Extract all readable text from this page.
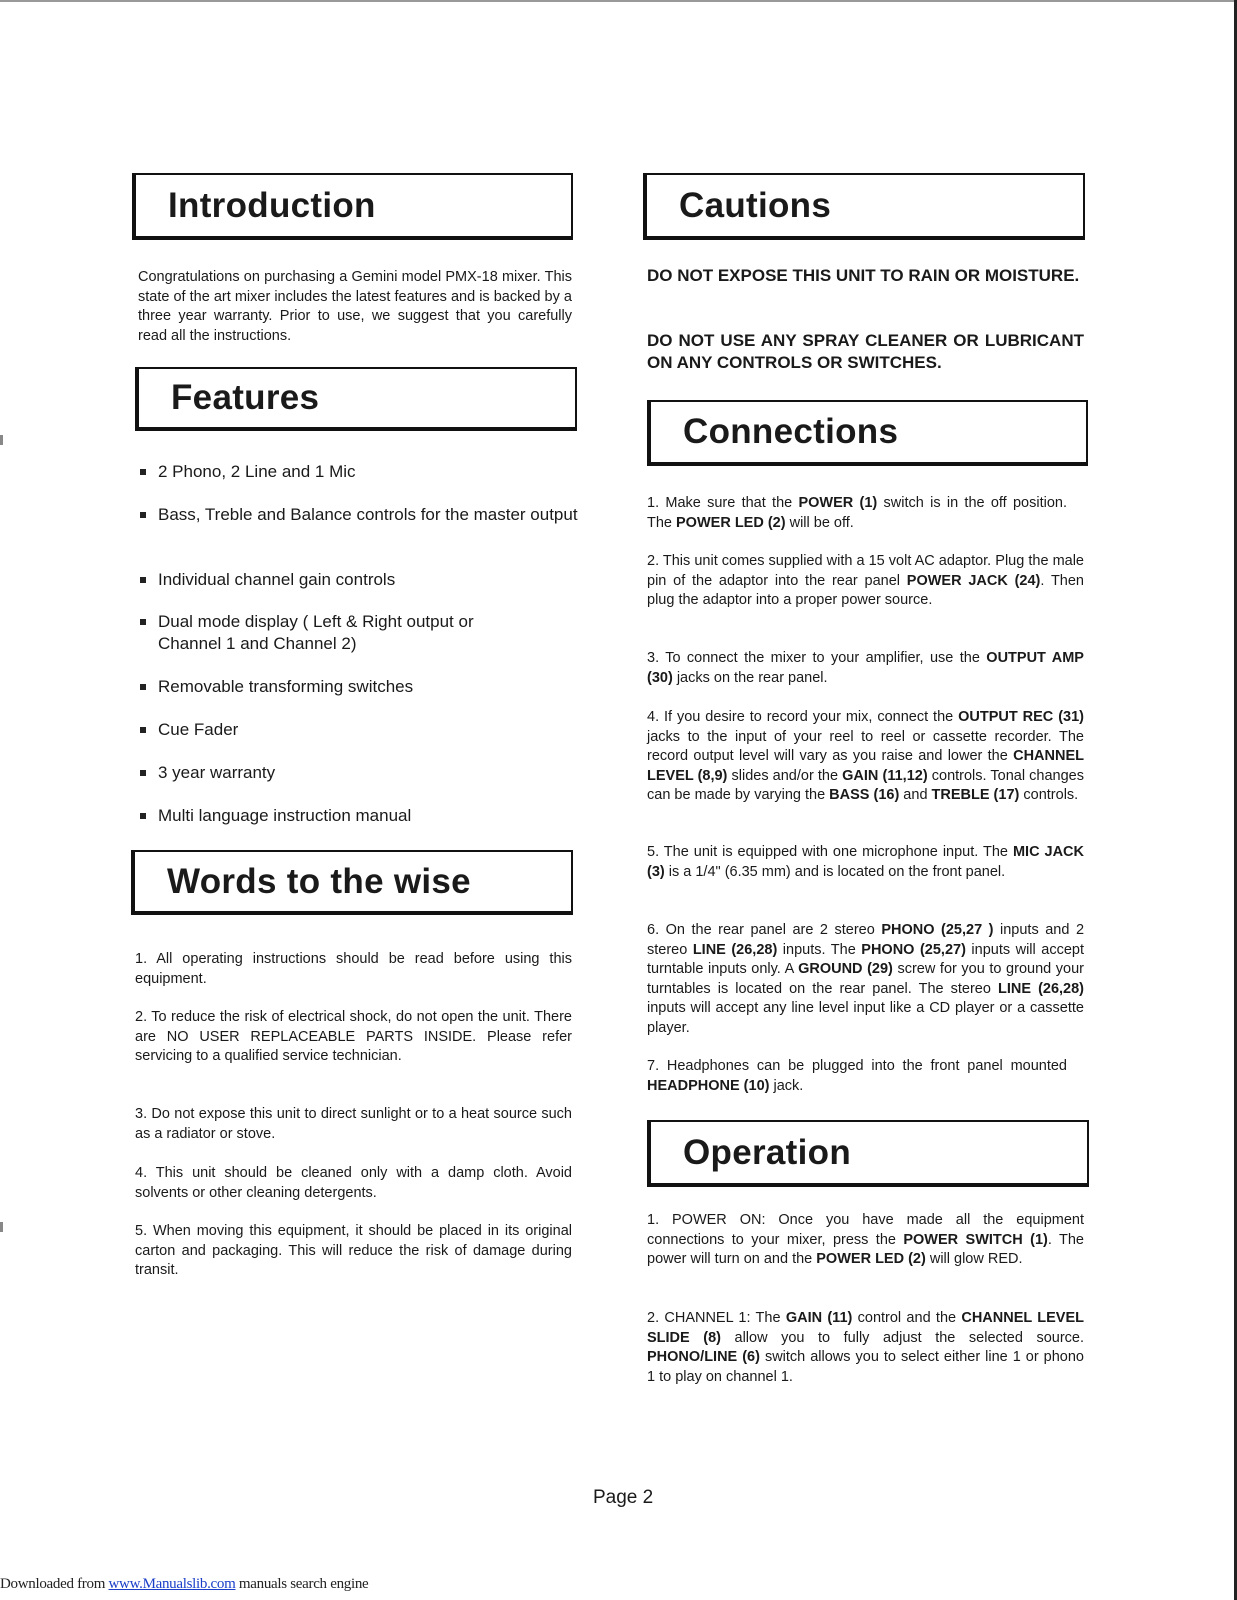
Introduction

Congratulations on purchasing a Gemini model PMX-18 mixer. This state of the art mixer includes the latest features and is backed by a three year warranty. Prior to use, we suggest that you carefully read all the instructions.

Features
2 Phono, 2 Line and 1 Mic
Bass, Treble and Balance controls for the master output
Individual channel gain controls
Dual mode display ( Left & Right output or Channel 1 and Channel 2)
Removable transforming switches
Cue Fader
3 year warranty
Multi language instruction manual
Words to the wise

1. All operating instructions should be read before using this equipment.

2. To reduce the risk of electrical shock, do not open the unit. There are NO USER REPLACEABLE PARTS INSIDE. Please refer servicing to a qualified service technician.

3. Do not expose this unit to direct sunlight or to a heat source such as a radiator or stove.

4. This unit should be cleaned only with a damp cloth. Avoid solvents or other cleaning detergents.

5. When moving this equipment, it should be placed in its original carton and packaging. This will reduce the risk of damage during transit.

Cautions

DO NOT EXPOSE THIS UNIT TO RAIN OR MOISTURE.

DO NOT USE ANY SPRAY CLEANER OR LUBRICANT ON ANY CONTROLS OR SWITCHES.

Connections

1. Make sure that the POWER (1) switch is in the off position. The POWER LED (2) will be off.

2. This unit comes supplied with a 15 volt AC adaptor. Plug the male pin of the adaptor into the rear panel POWER JACK (24). Then plug the adaptor into a proper power source.

3. To connect the mixer to your amplifier, use the OUTPUT AMP (30) jacks on the rear panel.

4. If you desire to record your mix, connect the OUTPUT REC (31) jacks to the input of your reel to reel or cassette recorder. The record output level will vary as you raise and lower the CHANNEL LEVEL (8,9) slides and/or the GAIN (11,12) controls. Tonal changes can be made by varying the BASS (16) and TREBLE (17) controls.

5. The unit is equipped with one microphone input. The MIC JACK (3) is a 1/4" (6.35 mm) and is located on the front panel.

6. On the rear panel are 2 stereo PHONO (25,27 ) inputs and 2 stereo LINE (26,28) inputs. The PHONO (25,27) inputs will accept turntable inputs only. A GROUND (29) screw for you to ground your turntables is located on the rear panel. The stereo LINE (26,28) inputs will accept any line level input like a CD player or a cassette player.

7. Headphones can be plugged into the front panel mounted HEADPHONE (10) jack.

Operation

1. POWER ON: Once you have made all the equipment connections to your mixer, press the POWER SWITCH (1). The power will turn on and the POWER LED (2) will glow RED.

2. CHANNEL 1: The GAIN (11) control and the CHANNEL LEVEL SLIDE (8) allow you to fully adjust the selected source. PHONO/LINE (6) switch allows you to select either line 1 or phono 1 to play on channel 1.

Page 2
Downloaded from www.Manualslib.com manuals search engine
